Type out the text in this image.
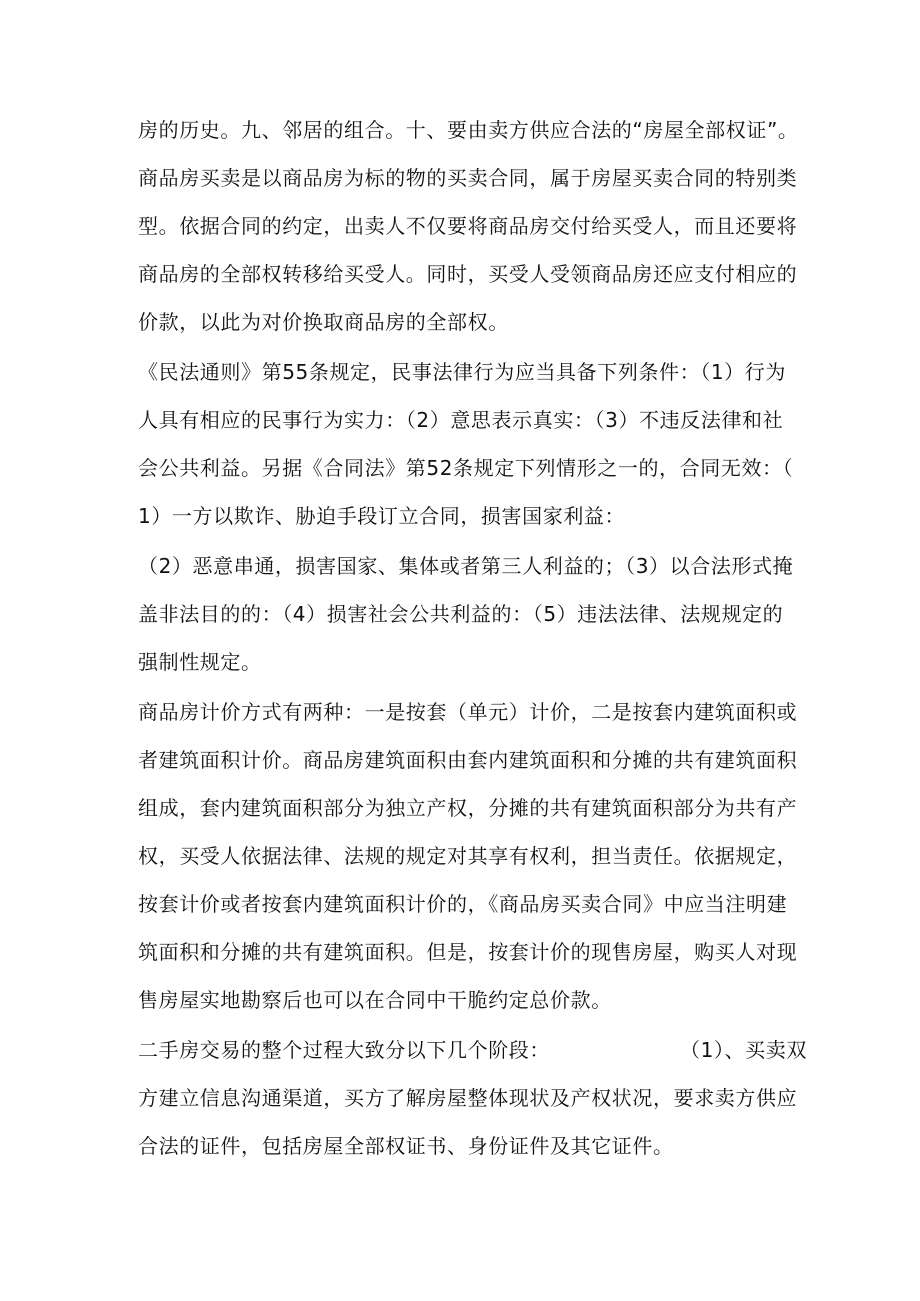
房的历史。九、邻居的组合。十、要由卖方供应合法的“房屋全部权证”。
商品房买卖是以商品房为标的物的买卖合同，属于房屋买卖合同的特别类
型。依据合同的约定，出卖人不仅要将商品房交付给买受人，而且还要将
商品房的全部权转移给买受人。同时，买受人受领商品房还应支付相应的
价款，以此为对价换取商品房的全部权。
《民法通则》第55条规定，民事法律行为应当具备下列条件：（1）行为
人具有相应的民事行为实力：（2）意思表示真实：（3）不违反法律和社
会公共利益。另据《合同法》第52条规定下列情形之一的，合同无效：（
1）一方以欺诈、胁迫手段订立合同，损害国家利益：
（2）恶意串通，损害国家、集体或者第三人利益的；（3）以合法形式掩
盖非法目的的：（4）损害社会公共利益的：（5）违法法律、法规规定的
强制性规定。
商品房计价方式有两种：一是按套（单元）计价，二是按套内建筑面积或
者建筑面积计价。商品房建筑面积由套内建筑面积和分摊的共有建筑面积
组成，套内建筑面积部分为独立产权，分摊的共有建筑面积部分为共有产
权，买受人依据法律、法规的规定对其享有权利，担当责任。依据规定，
按套计价或者按套内建筑面积计价的，《商品房买卖合同》中应当注明建
筑面积和分摊的共有建筑面积。但是，按套计价的现售房屋，购买人对现
售房屋实地勘察后也可以在合同中干脆约定总价款。
二手房交易的整个过程大致分以下几个阶段：	（1）、买卖双
方建立信息沟通渠道，买方了解房屋整体现状及产权状况，要求卖方供应
合法的证件，包括房屋全部权证书、身份证件及其它证件。
